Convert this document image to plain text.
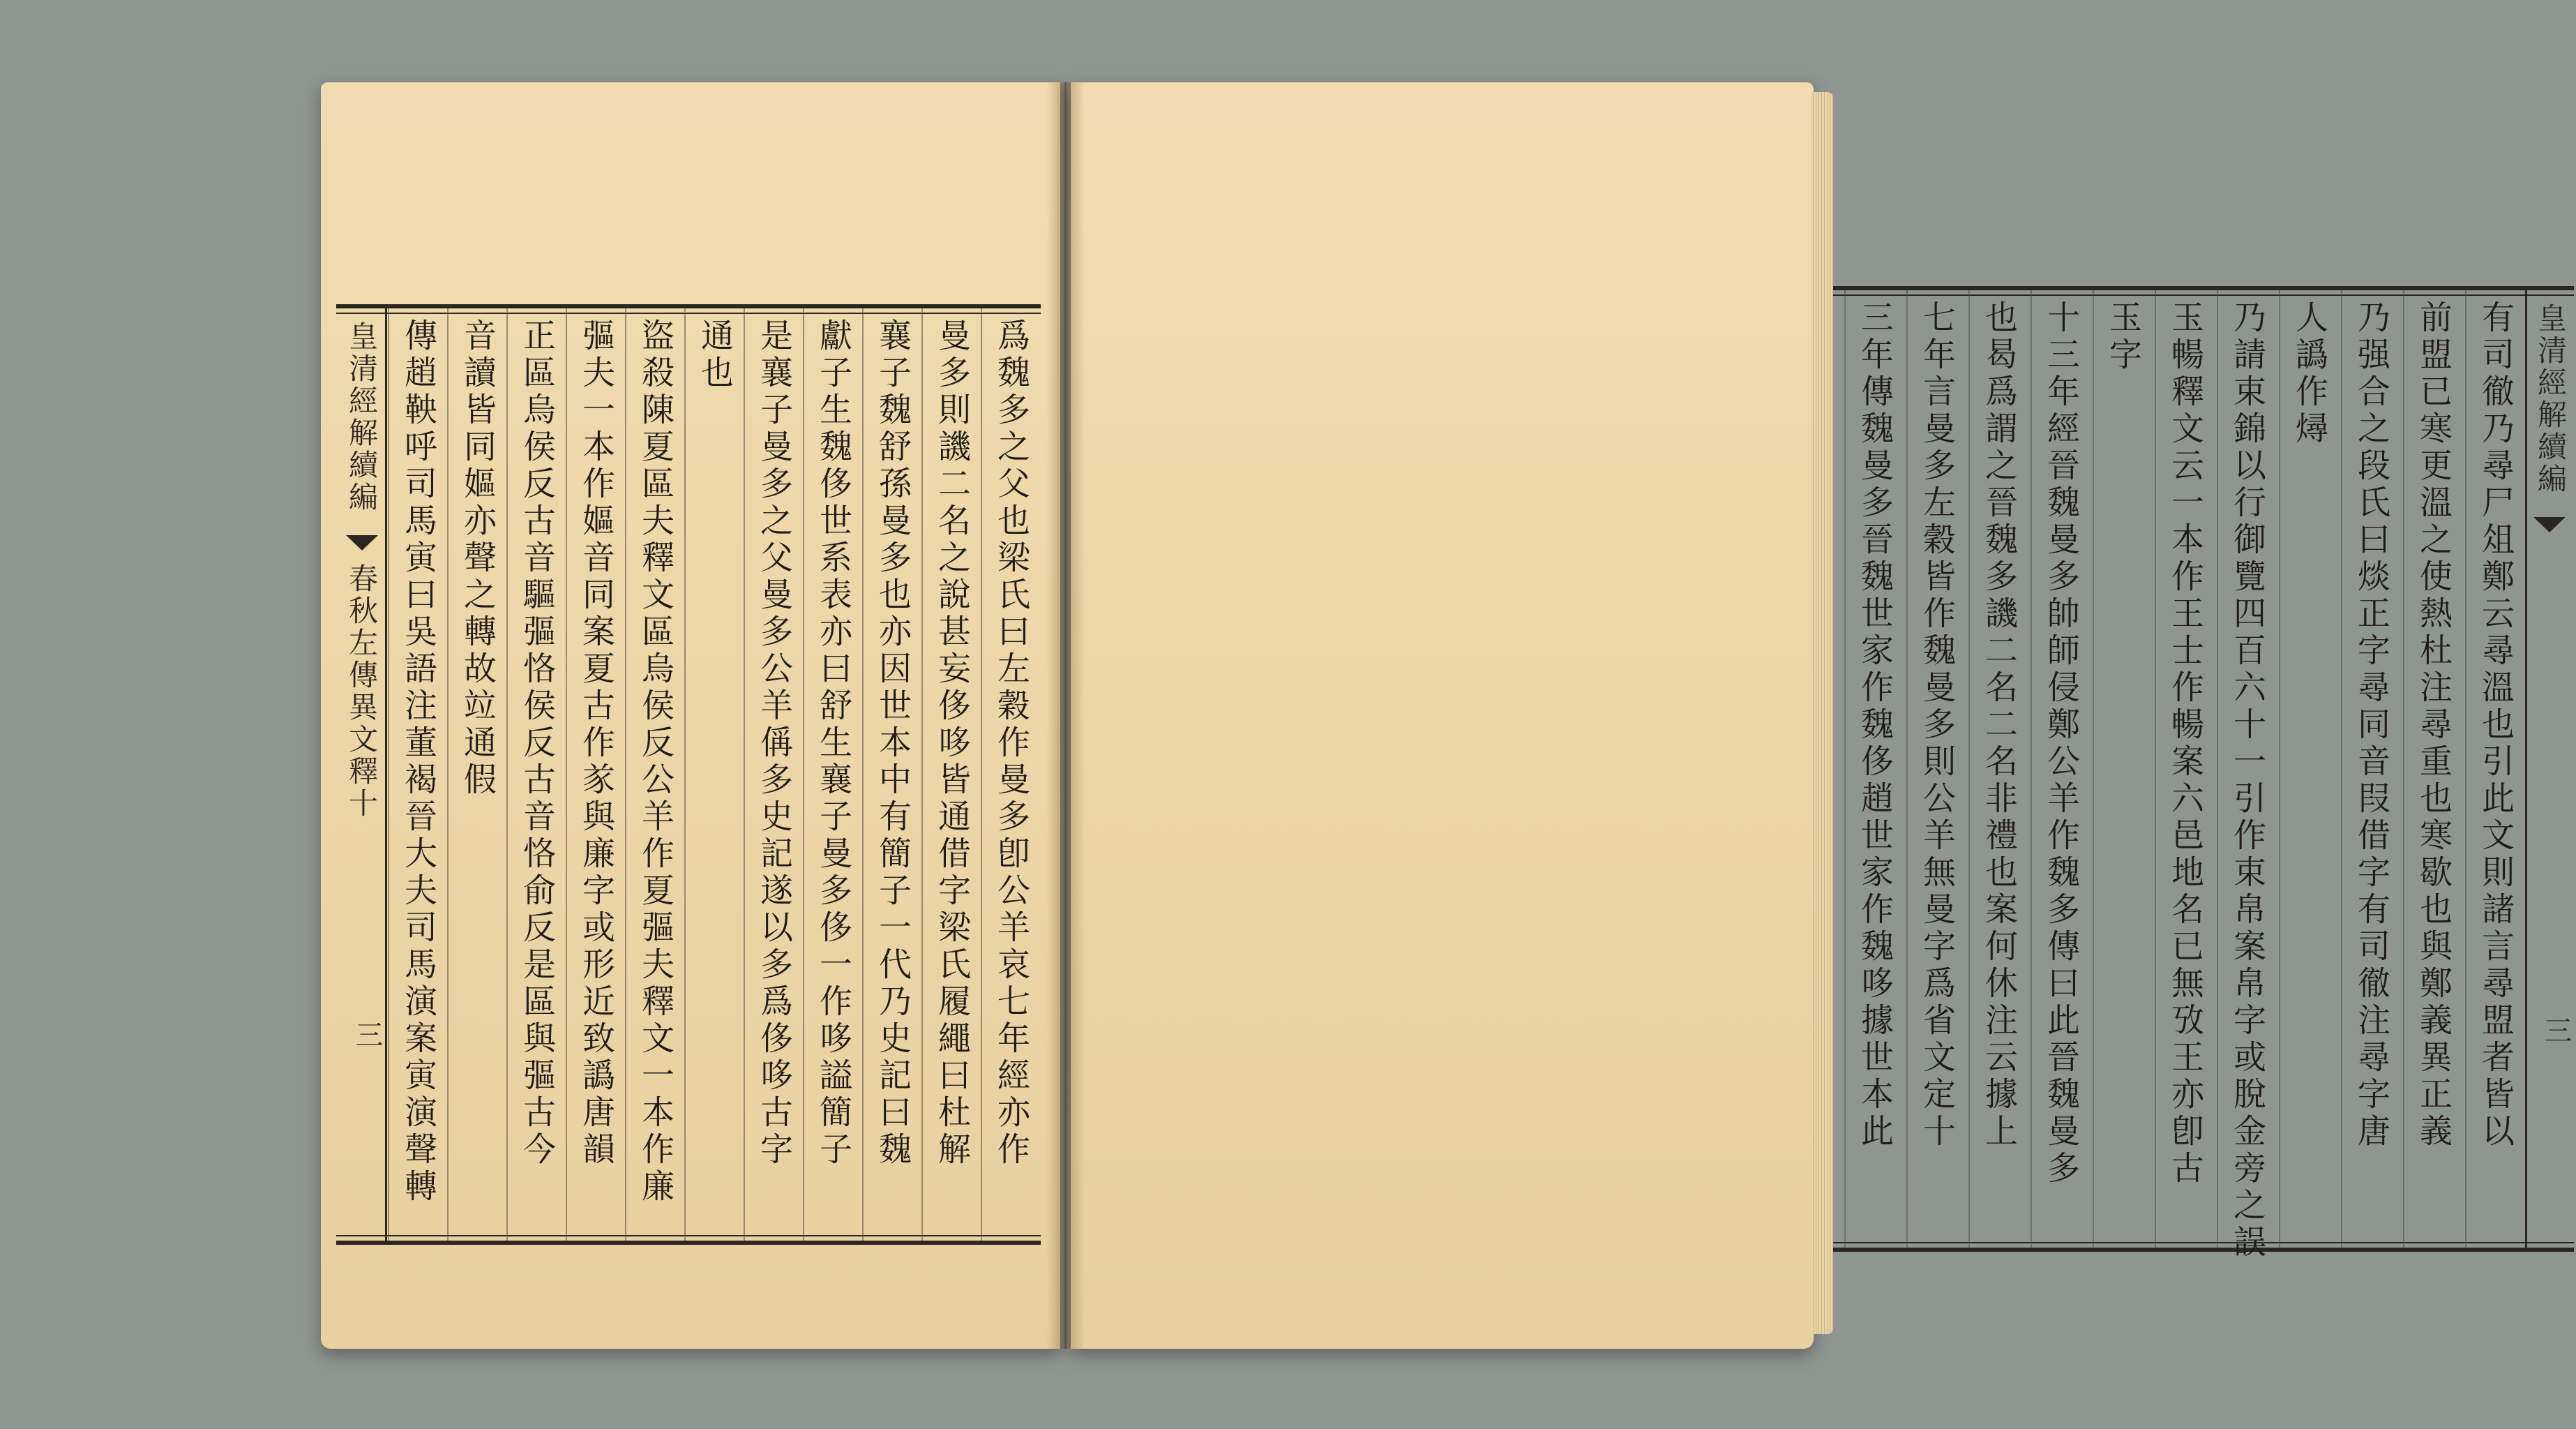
皇清經解續編
春秋左傳異文釋十
三	爲魏多之父也梁氏曰左穀作曼多卽公羊哀七年經亦作
曼多則譏二名之說甚妄侈哆皆通借字梁氏履繩曰杜解
襄子魏舒孫曼多也亦因世本中有簡子一代乃史記曰魏
獻子生魏侈世系表亦曰舒生襄子曼多侈一作哆謚簡子
是襄子曼多之父曼多公羊偁多史記遂以多爲侈哆古字
通也
盜殺陳夏區夫釋文區烏侯反公羊作夏彄夫釋文一本作廉
彄夫一本作嫗音同案夏古作㒸與廉字或形近致譌唐韻
正區烏侯反古音驅彄恪侯反古音恪俞反是區與彄古今
音讀皆同嫗亦聲之轉故竝通假
傳趙鞅呼司馬寅曰吳語注董褐晉大夫司馬演案寅演聲轉	有司徹乃尋尸俎鄭云尋溫也引此文則諸言尋盟者皆以
前盟已寒更溫之使熱杜注尋重也寒歇也與鄭義異正義
乃强合之段氏曰㷋正字尋同音叚借字有司徹注尋字唐
人譌作燖
乃請束錦以行御覽四百六十一引作束帛案帛字或脫金旁之誤
玉暢釋文云一本作王士作暢案六邑地名已無攷王亦卽古
玉字
十三年經晉魏曼多帥師侵鄭公羊作魏多傳曰此晉魏曼多
也曷爲謂之晉魏多譏二名二名非禮也案何休注云據上
七年言曼多左穀皆作魏曼多則公羊無曼字爲省文定十
三年傳魏曼多晉魏世家作魏侈趙世家作魏哆據世本此	皇清經解續編
三
